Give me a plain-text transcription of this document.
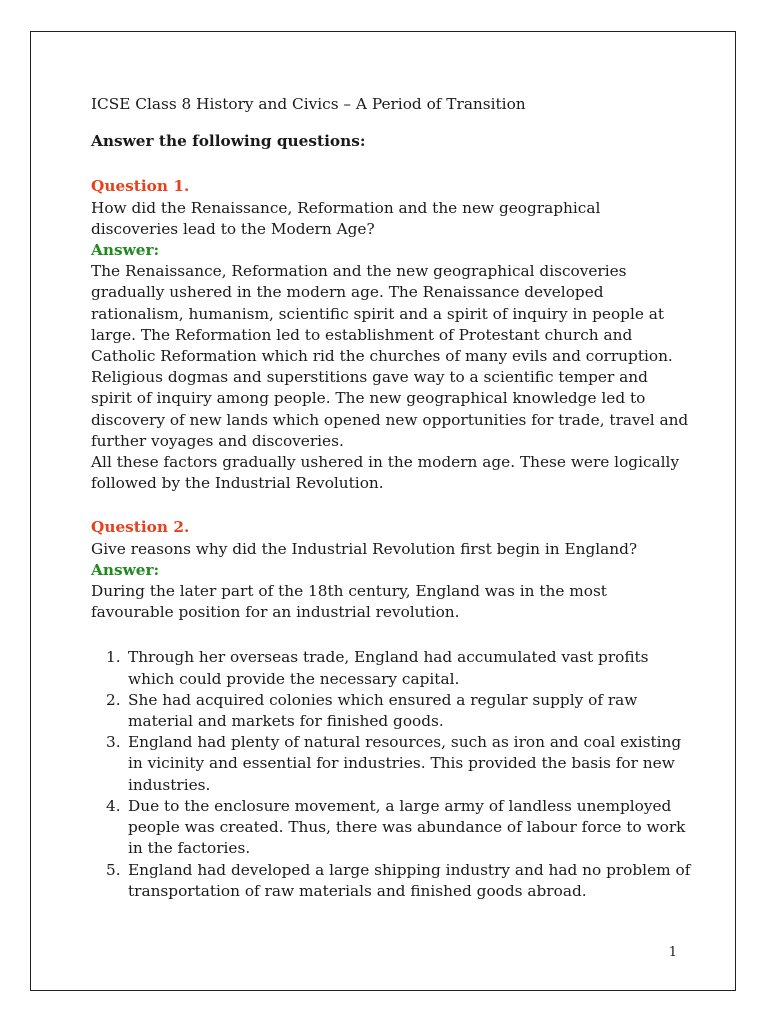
ICSE Class 8 History and Civics – A Period of Transition

Answer the following questions:

Question 1.

How did the Renaissance, Reformation and the new geographical discoveries lead to the Modern Age?

Answer:

The Renaissance, Reformation and the new geographical discoveries gradually ushered in the modern age. The Renaissance developed rationalism, humanism, scientific spirit and a spirit of inquiry in people at large. The Reformation led to establishment of Protestant church and Catholic Reformation which rid the churches of many evils and corruption. Religious dogmas and superstitions gave way to a scientific temper and spirit of inquiry among people. The new geographical knowledge led to discovery of new lands which opened new opportunities for trade, travel and further voyages and discoveries.

All these factors gradually ushered in the modern age. These were logically followed by the Industrial Revolution.

Question 2.

Give reasons why did the Industrial Revolution first begin in England?

Answer:

During the later part of the 18th century, England was in the most favourable position for an industrial revolution.

1. Through her overseas trade, England had accumulated vast profits which could provide the necessary capital.
2. She had acquired colonies which ensured a regular supply of raw material and markets for finished goods.
3. England had plenty of natural resources, such as iron and coal existing in vicinity and essential for industries. This provided the basis for new industries.
4. Due to the enclosure movement, a large army of landless unemployed people was created. Thus, there was abundance of labour force to work in the factories.
5. England had developed a large shipping industry and had no problem of transportation of raw materials and finished goods abroad.
1
